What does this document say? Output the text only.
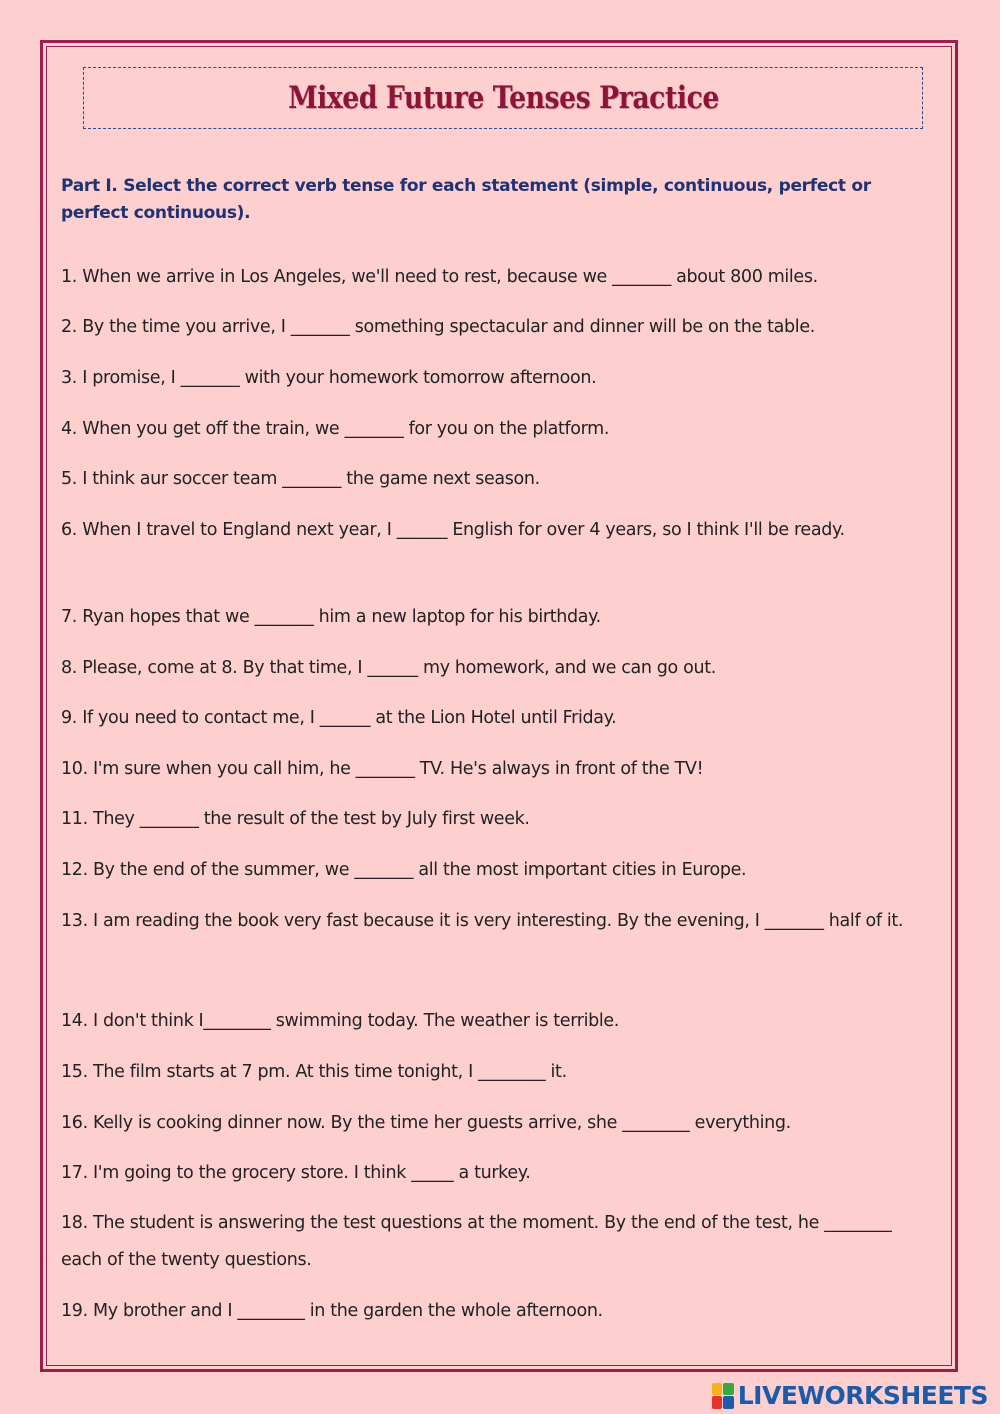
Mixed Future Tenses Practice
Part I. Select the correct verb tense for each statement (simple, continuous, perfect or perfect continuous).
1. When we arrive in Los Angeles, we'll need to rest, because we _______ about 800 miles.
2. By the time you arrive, I _______ something spectacular and dinner will be on the table.
3. I promise, I _______ with your homework tomorrow afternoon.
4. When you get off the train, we _______ for you on the platform.
5. I think aur soccer team _______ the game next season.
6. When I travel to England next year, I ______ English for over 4 years, so I think I'll be ready.
7. Ryan hopes that we _______ him a new laptop for his birthday.
8. Please, come at 8. By that time, I ______ my homework, and we can go out.
9. If you need to contact me, I ______ at the Lion Hotel until Friday.
10. I'm sure when you call him, he _______ TV. He's always in front of the TV!
11. They _______ the result of the test by July first week.
12. By the end of the summer, we _______ all the most important cities in Europe.
13. I am reading the book very fast because it is very interesting. By the evening, I _______ half of it.
14. I don't think I________ swimming today. The weather is terrible.
15. The film starts at 7 pm. At this time tonight, I ________ it.
16. Kelly is cooking dinner now. By the time her guests arrive, she ________ everything.
17. I'm going to the grocery store. I think _____ a turkey.
18. The student is answering the test questions at the moment. By the end of the test, he ________ each of the twenty questions.
19. My brother and I ________ in the garden the whole afternoon.
LIVEWORKSHEETS
